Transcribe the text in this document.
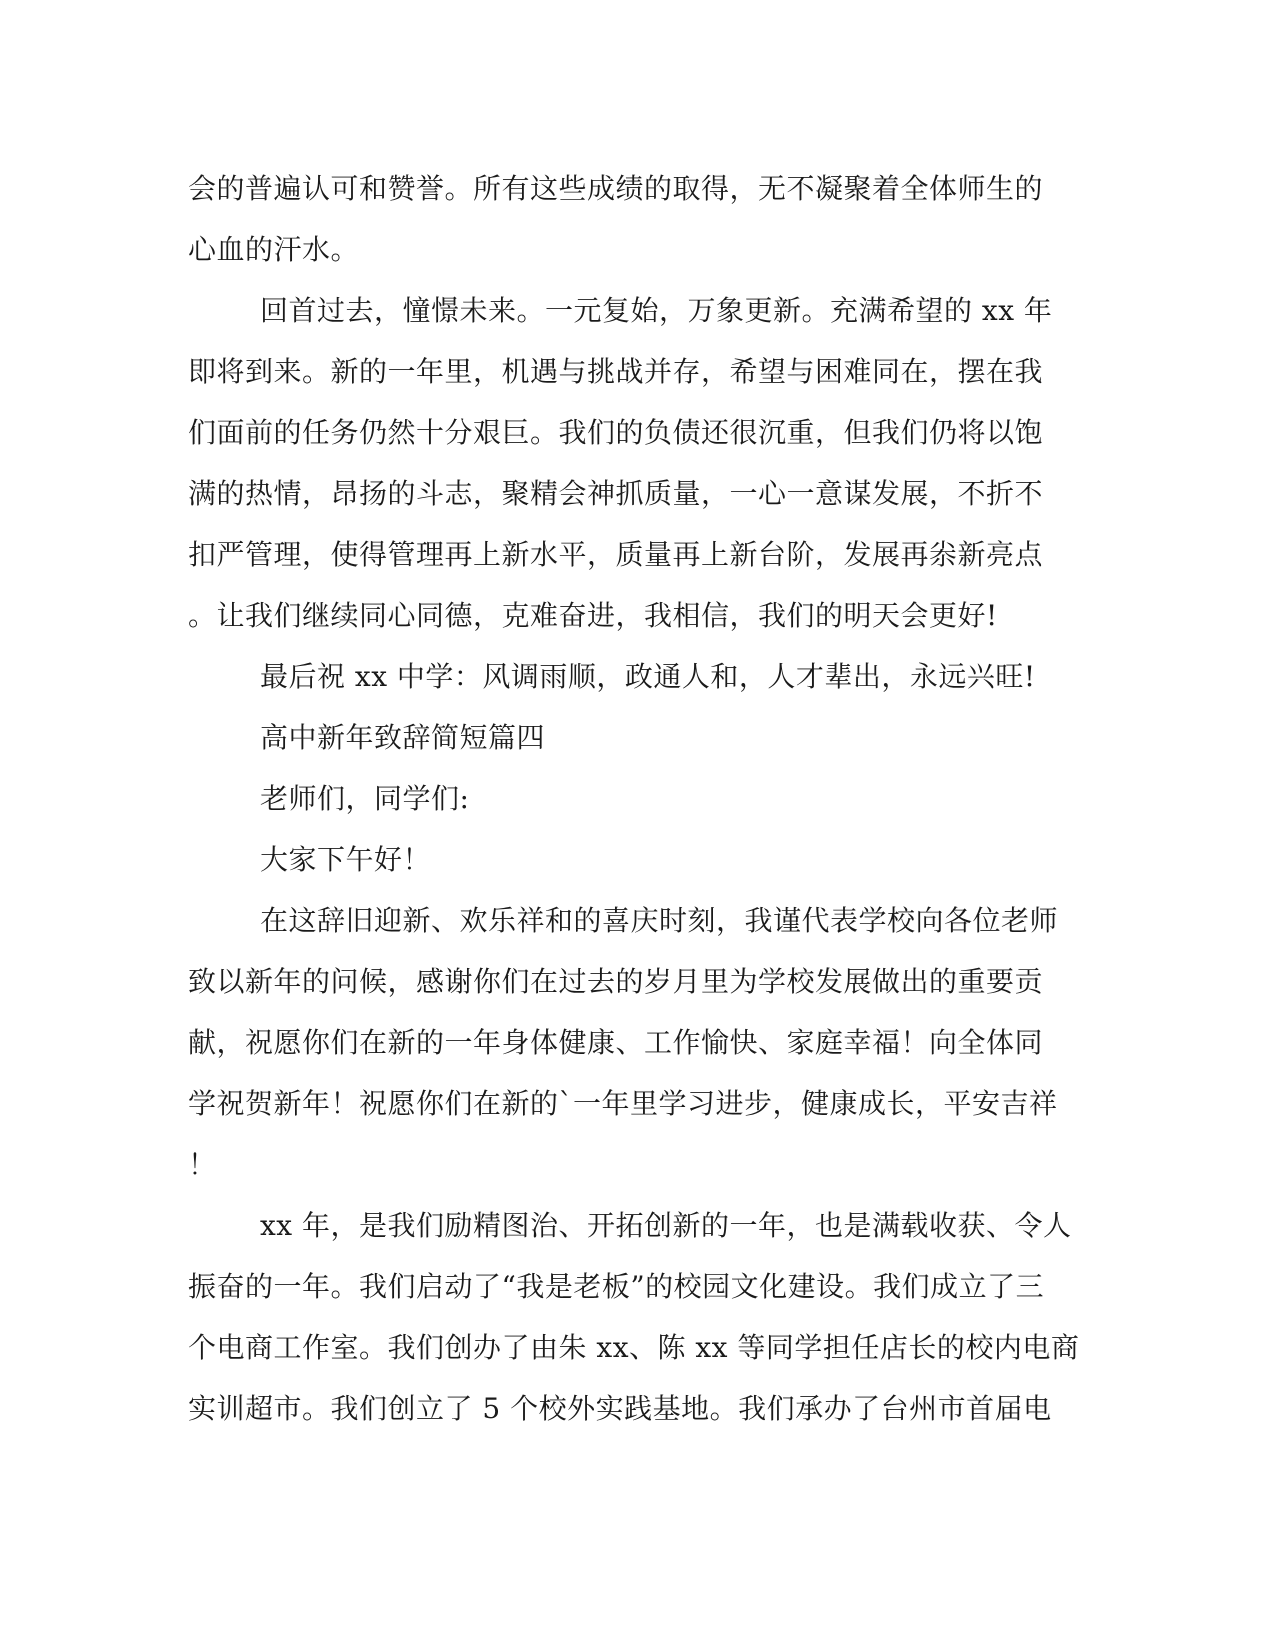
会的普遍认可和赞誉。所有这些成绩的取得，无不凝聚着全体师生的
心血的汗水。
回首过去，憧憬未来。一元复始，万象更新。充满希望的 xx 年
即将到来。新的一年里，机遇与挑战并存，希望与困难同在，摆在我
们面前的任务仍然十分艰巨。我们的负债还很沉重，但我们仍将以饱
满的热情，昂扬的斗志，聚精会神抓质量，一心一意谋发展，不折不
扣严管理，使得管理再上新水平，质量再上新台阶，发展再尜新亮点
。让我们继续同心同德，克难奋进，我相信，我们的明天会更好!
最后祝 xx 中学：风调雨顺，政通人和，人才辈出，永远兴旺!
高中新年致辞简短篇四
老师们，同学们:
大家下午好！
在这辞旧迎新、欢乐祥和的喜庆时刻，我谨代表学校向各位老师
致以新年的问候，感谢你们在过去的岁月里为学校发展做出的重要贡
献，祝愿你们在新的一年身体健康、工作愉快、家庭幸福！向全体同
学祝贺新年！祝愿你们在新的`一年里学习进步，健康成长，平安吉祥
！
xx 年，是我们励精图治、开拓创新的一年，也是满载收获、令人
振奋的一年。我们启动了“我是老板”的校园文化建设。我们成立了三
个电商工作室。我们创办了由朱 xx、陈 xx 等同学担任店长的校内电商
实训超市。我们创立了 5 个校外实践基地。我们承办了台州市首届电
